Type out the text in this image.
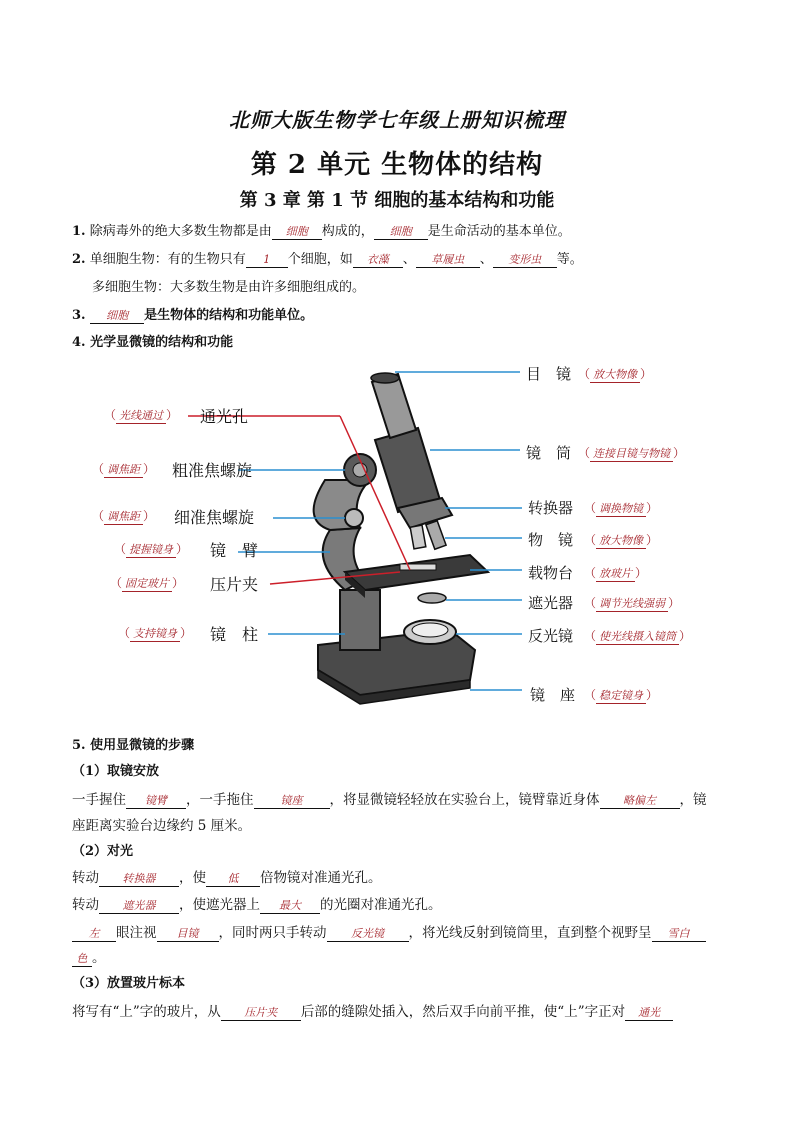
北师大版生物学七年级上册知识梳理
第 2 单元 生物体的结构
第 3 章 第 1 节 细胞的基本结构和功能
1. 除病毒外的绝大多数生物都是由 细胞 构成的， 细胞 是生命活动的基本单位。
2. 单细胞生物：有的生物只有 1 个细胞，如 衣藻 、 草履虫 、 变形虫 等。
多细胞生物：大多数生物是由许多细胞组成的。
3. 细胞 是生物体的结构和功能单位。
4. 光学显微镜的结构和功能
（ 光线通过 ） 通光孔
（ 调焦距 ） 粗准焦螺旋
（ 调焦距 ） 细准焦螺旋
（ 提握镜身 ） 镜　臂
（ 固定玻片 ） 压片夹
（ 支持镜身 ） 镜　柱
目　镜 （ 放大物像 ）
镜　筒 （ 连接目镜与物镜 ）
转换器 （ 调换物镜 ）
物　镜 （ 放大物像 ）
载物台 （ 放玻片 ）
遮光器 （ 调节光线强弱 ）
反光镜 （ 使光线摄入镜筒 ）
镜　座 （ 稳定镜身 ）
5. 使用显微镜的步骤
（1）取镜安放
一手握住 镜臂 ，一手拖住 镜座 ，将显微镜轻轻放在实验台上，镜臂靠近身体 略偏左 ，镜
座距离实验台边缘约 5 厘米。
（2）对光
转动 转换器 ，使 低 倍物镜对准通光孔。
转动 遮光器 ，使遮光器上 最大 的光圈对准通光孔。
左 眼注视 目镜 ，同时两只手转动 反光镜 ，将光线反射到镜筒里，直到整个视野呈 雪白
色 。
（3）放置玻片标本
将写有“上”字的玻片，从 压片夹 后部的缝隙处插入，然后双手向前平推，使“上”字正对 通光
